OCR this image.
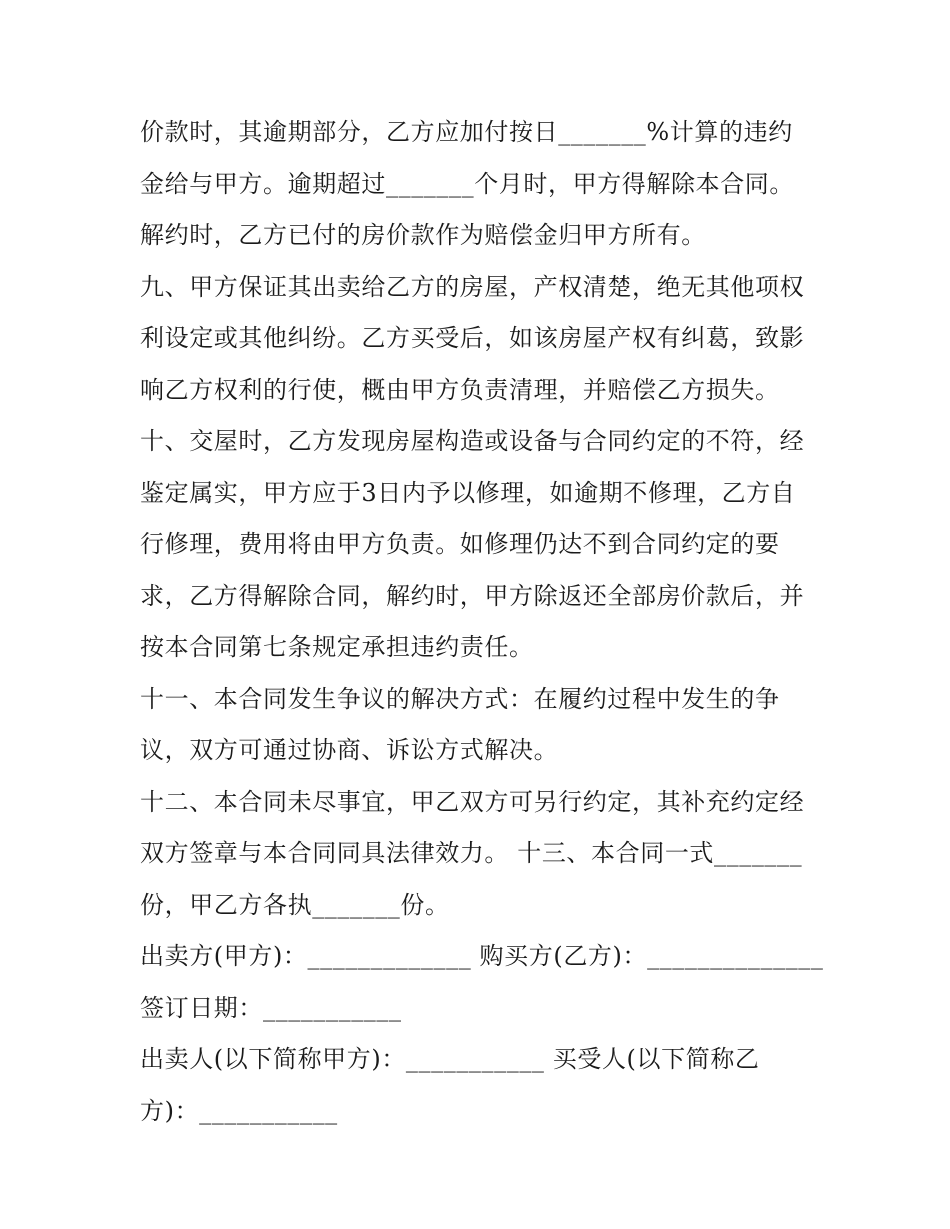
价款时，其逾期部分，乙方应加付按日_______%计算的违约
金给与甲方。逾期超过_______个月时，甲方得解除本合同。
解约时，乙方已付的房价款作为赔偿金归甲方所有。
九、甲方保证其出卖给乙方的房屋，产权清楚，绝无其他项权
利设定或其他纠纷。乙方买受后，如该房屋产权有纠葛，致影
响乙方权利的行使，概由甲方负责清理，并赔偿乙方损失。
十、交屋时，乙方发现房屋构造或设备与合同约定的不符，经
鉴定属实，甲方应于3日内予以修理，如逾期不修理，乙方自
行修理，费用将由甲方负责。如修理仍达不到合同约定的要
求，乙方得解除合同，解约时，甲方除返还全部房价款后，并
按本合同第七条规定承担违约责任。
十一、本合同发生争议的解决方式：在履约过程中发生的争
议，双方可通过协商、诉讼方式解决。
十二、本合同未尽事宜，甲乙双方可另行约定，其补充约定经
双方签章与本合同同具法律效力。 十三、本合同一式_______
份，甲乙方各执_______份。
出卖方(甲方)：_____________ 购买方(乙方)：______________
签订日期：___________
出卖人(以下简称甲方)：___________ 买受人(以下简称乙
方)：___________
